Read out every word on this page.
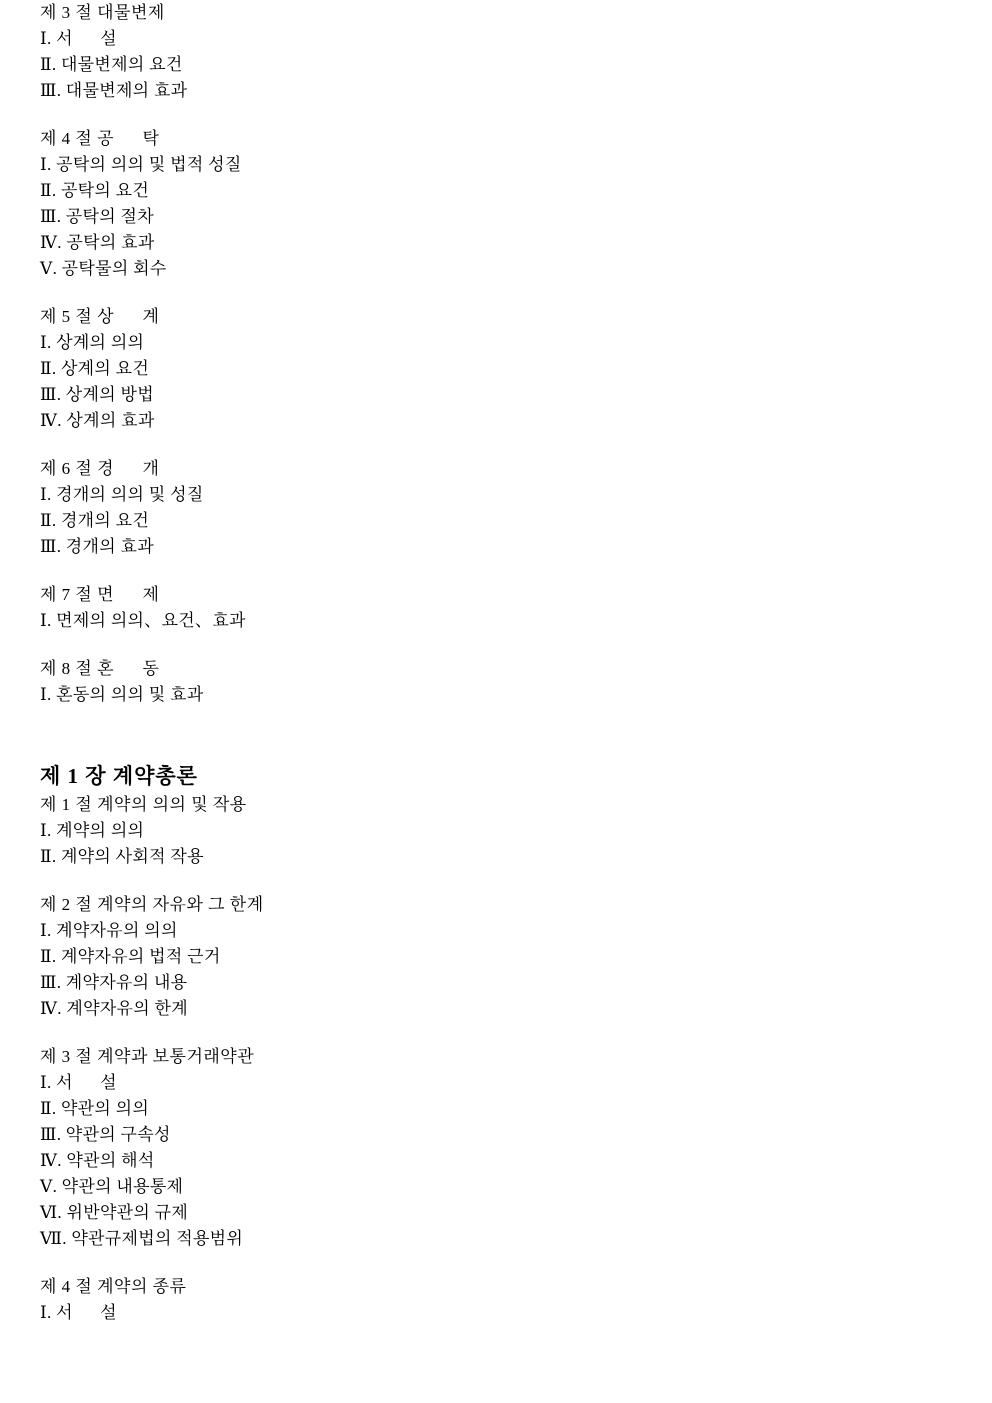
제 3 절 대물변제
Ⅰ. 서      설
Ⅱ. 대물변제의 요건
Ⅲ. 대물변제의 효과
제 4 절 공      탁
Ⅰ. 공탁의 의의 및 법적 성질
Ⅱ. 공탁의 요건
Ⅲ. 공탁의 절차
Ⅳ. 공탁의 효과
Ⅴ. 공탁물의 회수
제 5 절 상      계
Ⅰ. 상계의 의의
Ⅱ. 상계의 요건
Ⅲ. 상계의 방법
Ⅳ. 상계의 효과
제 6 절 경      개
Ⅰ. 경개의 의의 및 성질
Ⅱ. 경개의 요건
Ⅲ. 경개의 효과
제 7 절 면      제
Ⅰ. 면제의 의의、요건、효과
제 8 절 혼      동
Ⅰ. 혼동의 의의 및 효과
제 1 장 계약총론
제 1 절 계약의 의의 및 작용
Ⅰ. 계약의 의의
Ⅱ. 계약의 사회적 작용
제 2 절 계약의 자유와 그 한계
Ⅰ. 계약자유의 의의
Ⅱ. 계약자유의 법적 근거
Ⅲ. 계약자유의 내용
Ⅳ. 계약자유의 한계
제 3 절 계약과 보통거래약관
Ⅰ. 서      설
Ⅱ. 약관의 의의
Ⅲ. 약관의 구속성
Ⅳ. 약관의 해석
Ⅴ. 약관의 내용통제
Ⅵ. 위반약관의 규제
Ⅶ. 약관규제법의 적용범위
제 4 절 계약의 종류
Ⅰ. 서      설
